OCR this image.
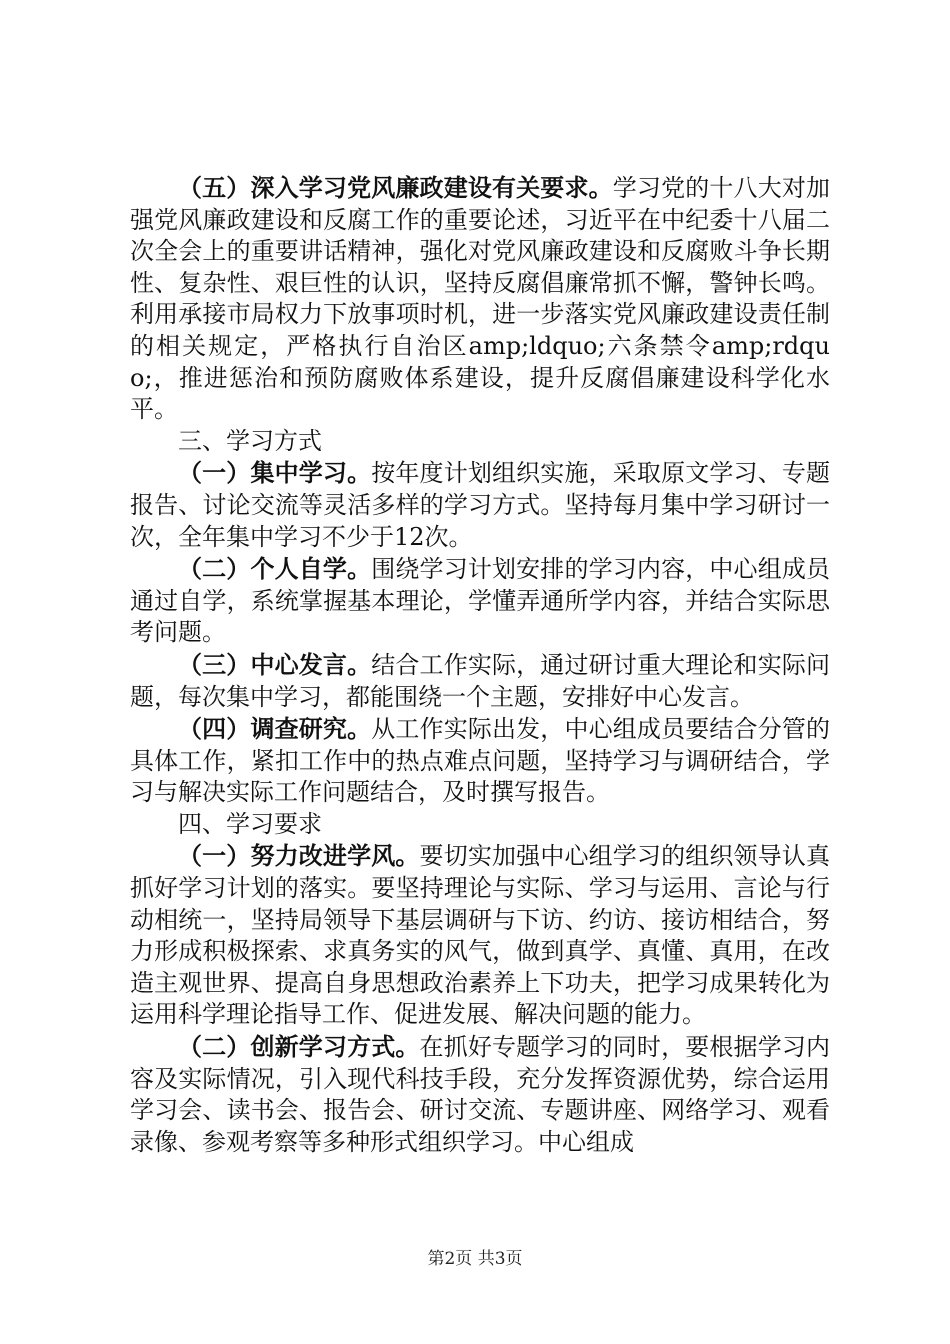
（五）深入学习党风廉政建设有关要求。学习党的十八大对加强党风廉政建设和反腐工作的重要论述，习近平在中纪委十八届二次全会上的重要讲话精神，强化对党风廉政建设和反腐败斗争长期性、复杂性、艰巨性的认识，坚持反腐倡廉常抓不懈，警钟长鸣。利用承接市局权力下放事项时机，进一步落实党风廉政建设责任制的相关规定，严格执行自治区amp;ldquo;六条禁令amp;rdquo;，推进惩治和预防腐败体系建设，提升反腐倡廉建设科学化水平。

三、学习方式

（一）集中学习。按年度计划组织实施，采取原文学习、专题报告、讨论交流等灵活多样的学习方式。坚持每月集中学习研讨一次，全年集中学习不少于12次。

（二）个人自学。围绕学习计划安排的学习内容，中心组成员通过自学，系统掌握基本理论，学懂弄通所学内容，并结合实际思考问题。

（三）中心发言。结合工作实际，通过研讨重大理论和实际问题，每次集中学习，都能围绕一个主题，安排好中心发言。

（四）调查研究。从工作实际出发，中心组成员要结合分管的具体工作，紧扣工作中的热点难点问题，坚持学习与调研结合，学习与解决实际工作问题结合，及时撰写报告。

四、学习要求

（一）努力改进学风。要切实加强中心组学习的组织领导认真抓好学习计划的落实。要坚持理论与实际、学习与运用、言论与行动相统一，坚持局领导下基层调研与下访、约访、接访相结合，努力形成积极探索、求真务实的风气，做到真学、真懂、真用，在改造主观世界、提高自身思想政治素养上下功夫，把学习成果转化为运用科学理论指导工作、促进发展、解决问题的能力。

（二）创新学习方式。在抓好专题学习的同时，要根据学习内容及实际情况，引入现代科技手段，充分发挥资源优势，综合运用学习会、读书会、报告会、研讨交流、专题讲座、网络学习、观看录像、参观考察等多种形式组织学习。中心组成

第2页 共3页
